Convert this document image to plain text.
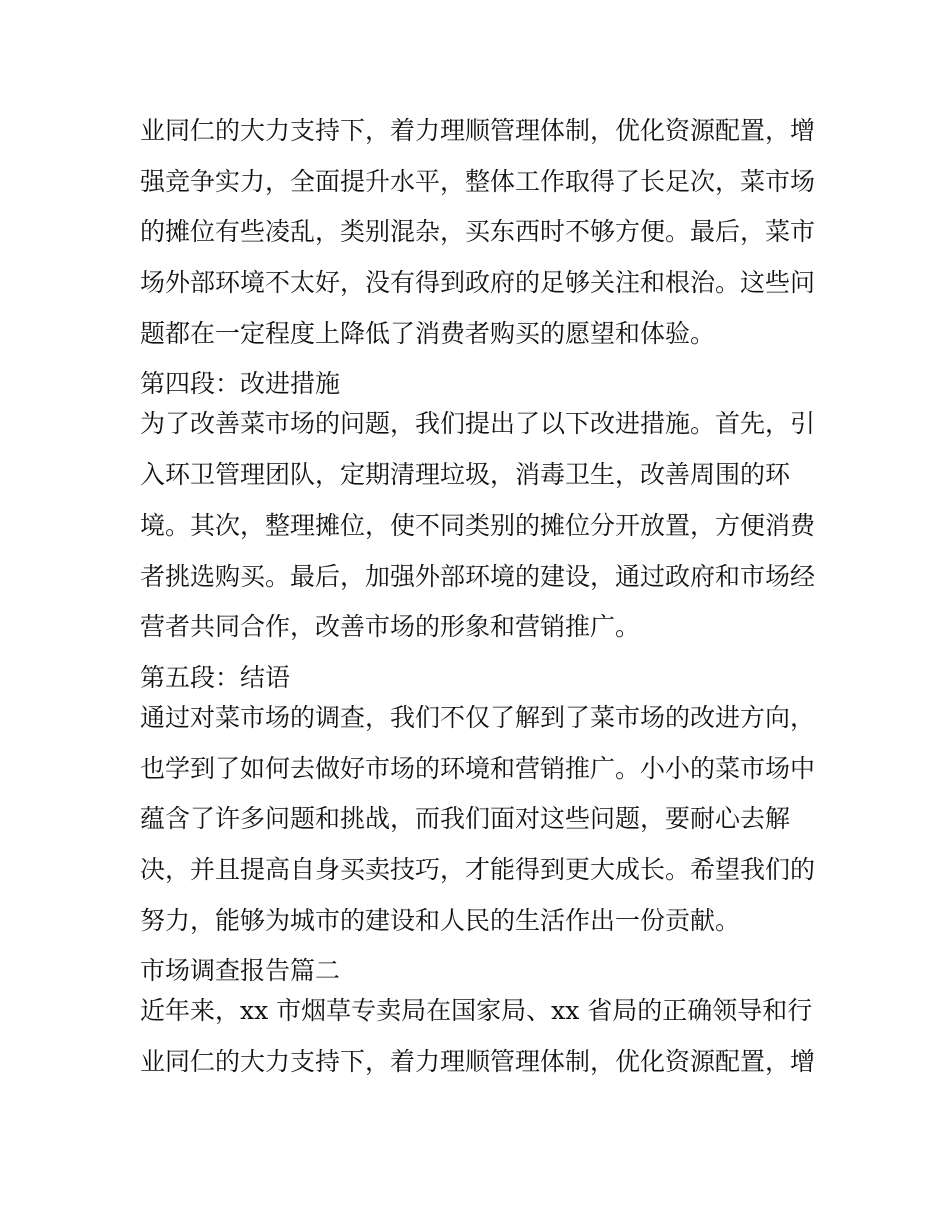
业同仁的大力支持下，着力理顺管理体制，优化资源配置，增
强竞争实力，全面提升水平，整体工作取得了长足次，菜市场
的摊位有些凌乱，类别混杂，买东西时不够方便。最后，菜市
场外部环境不太好，没有得到政府的足够关注和根治。这些问
题都在一定程度上降低了消费者购买的愿望和体验。
第四段：改进措施
为了改善菜市场的问题，我们提出了以下改进措施。首先，引
入环卫管理团队，定期清理垃圾，消毒卫生，改善周围的环
境。其次，整理摊位，使不同类别的摊位分开放置，方便消费
者挑选购买。最后，加强外部环境的建设，通过政府和市场经
营者共同合作，改善市场的形象和营销推广。
第五段：结语
通过对菜市场的调查，我们不仅了解到了菜市场的改进方向，
也学到了如何去做好市场的环境和营销推广。小小的菜市场中
蕴含了许多问题和挑战，而我们面对这些问题，要耐心去解
决，并且提高自身买卖技巧，才能得到更大成长。希望我们的
努力，能够为城市的建设和人民的生活作出一份贡献。
市场调查报告篇二
近年来，xx 市烟草专卖局在国家局、xx 省局的正确领导和行
业同仁的大力支持下，着力理顺管理体制，优化资源配置，增
